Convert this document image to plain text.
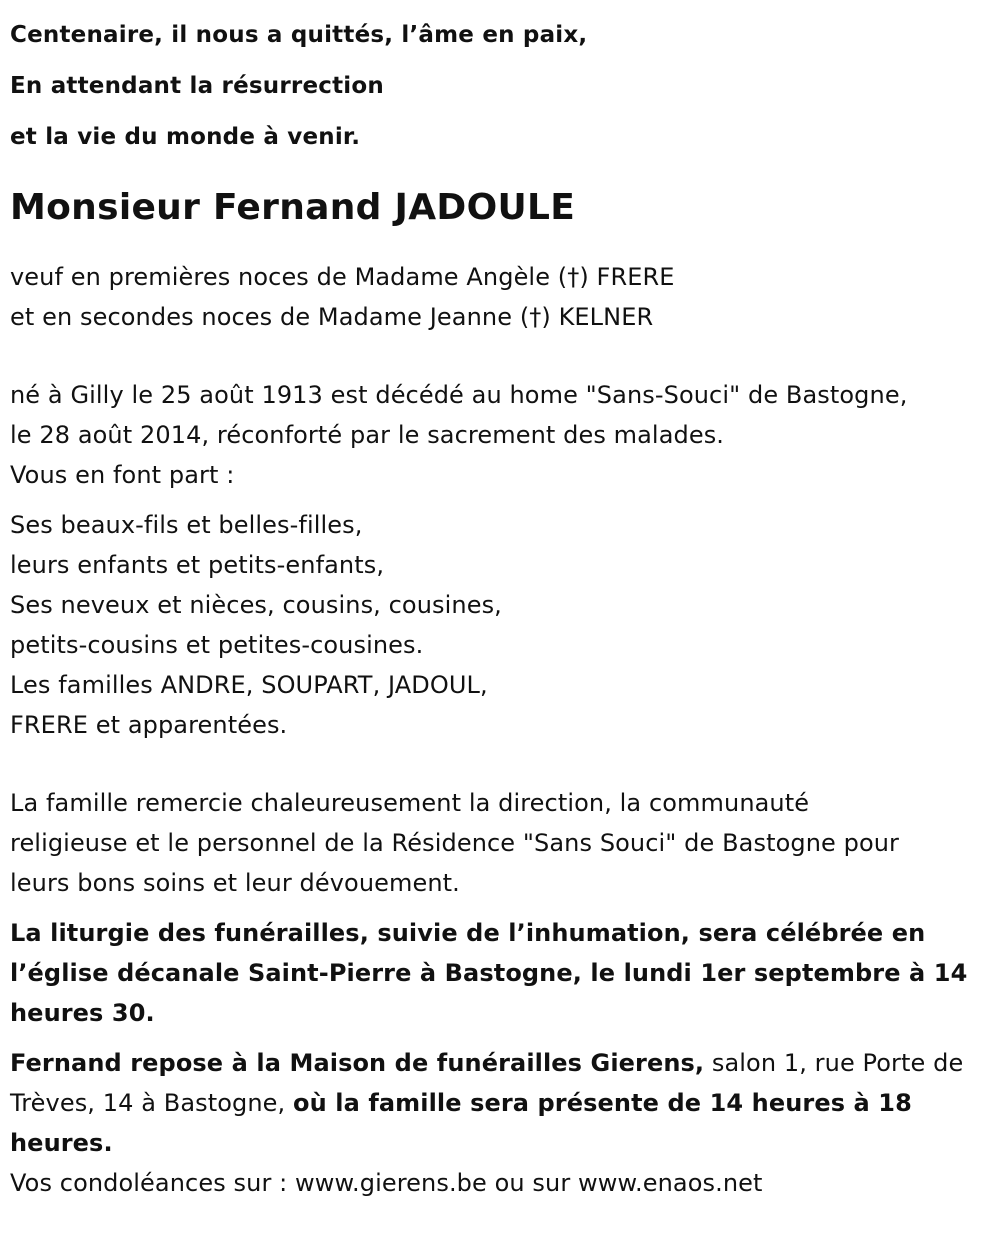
Centenaire, il nous a quittés, l’âme en paix,

En attendant la résurrection

et la vie du monde à venir.

Monsieur Fernand JADOULE

veuf en premières noces de Madame Angèle (†) FRERE

et en secondes noces de Madame Jeanne (†) KELNER

né à Gilly le 25 août 1913 est décédé au home "Sans-Souci" de Bastogne,

le 28 août 2014, réconforté par le sacrement des malades.

Vous en font part :

Ses beaux-fils et belles-filles,

leurs enfants et petits-enfants,

Ses neveux et nièces, cousins, cousines,

petits-cousins et petites-cousines.

Les familles ANDRE, SOUPART, JADOUL,

FRERE et apparentées.

La famille remercie chaleureusement la direction, la communauté

religieuse et le personnel de la Résidence "Sans Souci" de Bastogne pour

leurs bons soins et leur dévouement.

La liturgie des funérailles, suivie de l’inhumation, sera célébrée en

l’église décanale Saint-Pierre à Bastogne, le lundi 1er septembre à 14

heures 30.

Fernand repose à la Maison de funérailles Gierens, salon 1, rue Porte de

Trèves, 14 à Bastogne, où la famille sera présente de 14 heures à 18

heures.

Vos condoléances sur : www.gierens.be ou sur www.enaos.net
